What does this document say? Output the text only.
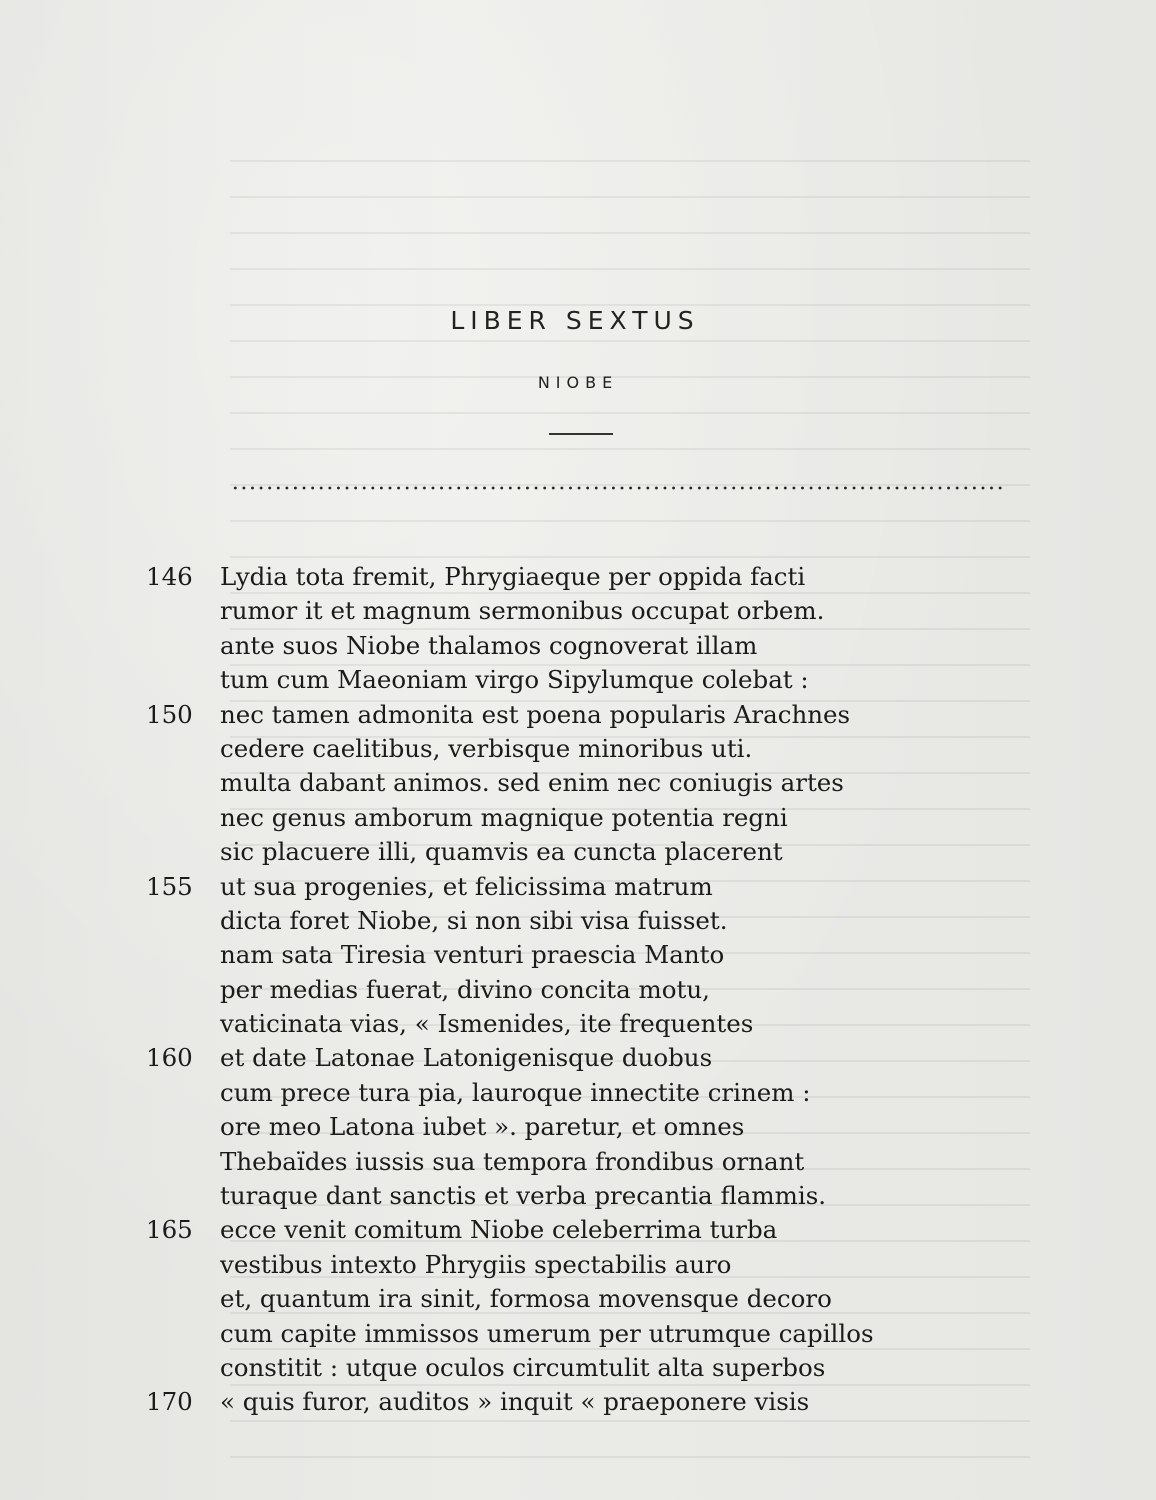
LIBER SEXTUS
NIOBE
146 Lydia tota fremit, Phrygiaeque per oppida facti
rumor it et magnum sermonibus occupat orbem.
ante suos Niobe thalamos cognoverat illam
tum cum Maeoniam virgo Sipylumque colebat :
150 nec tamen admonita est poena popularis Arachnes
cedere caelitibus, verbisque minoribus uti.
multa dabant animos. sed enim nec coniugis artes
nec genus amborum magnique potentia regni
sic placuere illi, quamvis ea cuncta placerent
155 ut sua progenies, et felicissima matrum
dicta foret Niobe, si non sibi visa fuisset.
nam sata Tiresia venturi praescia Manto
per medias fuerat, divino concita motu,
vaticinata vias, « Ismenides, ite frequentes
160 et date Latonae Latonigenisque duobus
cum prece tura pia, lauroque innectite crinem :
ore meo Latona iubet ». paretur, et omnes
Thebaïdes iussis sua tempora frondibus ornant
turaque dant sanctis et verba precantia flammis.
165 ecce venit comitum Niobe celeberrima turba
vestibus intexto Phrygiis spectabilis auro
et, quantum ira sinit, formosa movensque decoro
cum capite immissos umerum per utrumque capillos
constitit : utque oculos circumtulit alta superbos
170 « quis furor, auditos » inquit « praeponere visis
